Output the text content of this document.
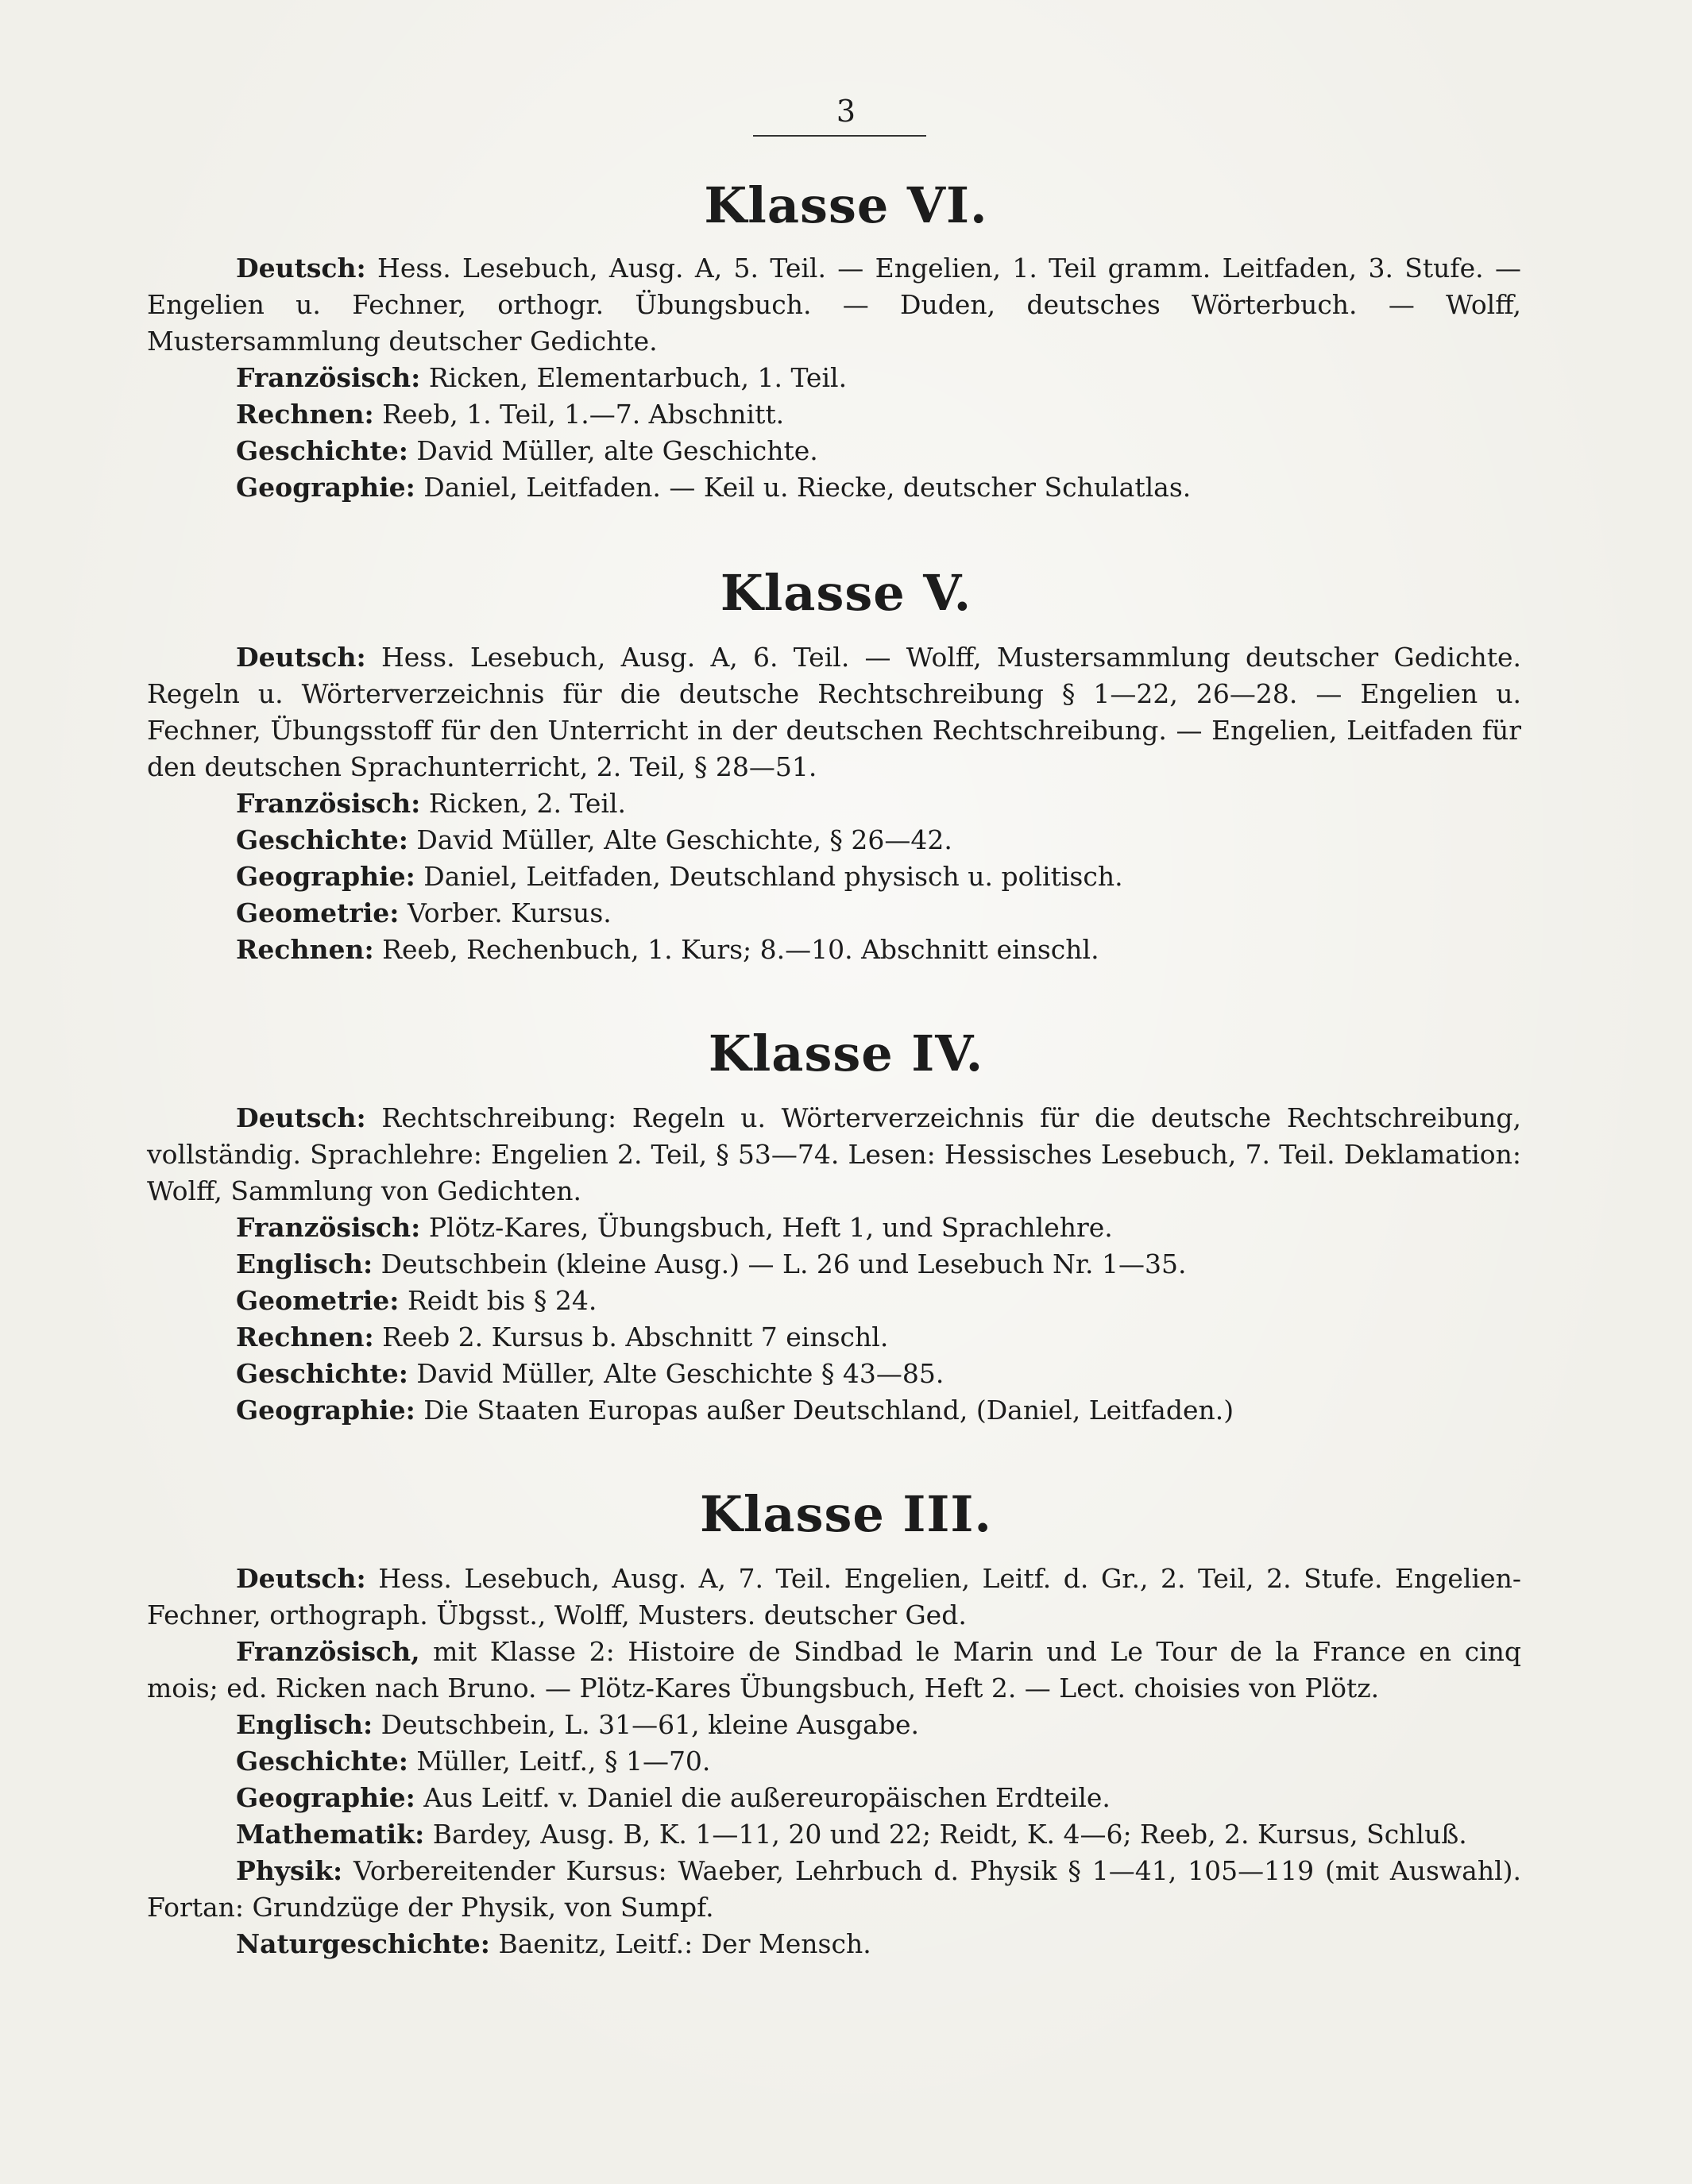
3
Klasse VI.

Deutsch: Hess. Lesebuch, Ausg. A, 5. Teil. — Engelien, 1. Teil gramm. Leitfaden, 3. Stufe. — Engelien u. Fechner, orthogr. Übungsbuch. — Duden, deutsches Wörterbuch. — Wolff, Mustersammlung deutscher Gedichte.

Französisch: Ricken, Elementarbuch, 1. Teil.

Rechnen: Reeb, 1. Teil, 1.—7. Abschnitt.

Geschichte: David Müller, alte Geschichte.

Geographie: Daniel, Leitfaden. — Keil u. Riecke, deutscher Schulatlas.

Klasse V.

Deutsch: Hess. Lesebuch, Ausg. A, 6. Teil. — Wolff, Mustersammlung deutscher Gedichte. Regeln u. Wörterverzeichnis für die deutsche Rechtschreibung § 1—22, 26—28. — Engelien u. Fechner, Übungsstoff für den Unterricht in der deutschen Rechtschreibung. — Engelien, Leitfaden für den deutschen Sprachunterricht, 2. Teil, § 28—51.

Französisch: Ricken, 2. Teil.

Geschichte: David Müller, Alte Geschichte, § 26—42.

Geographie: Daniel, Leitfaden, Deutschland physisch u. politisch.

Geometrie: Vorber. Kursus.

Rechnen: Reeb, Rechenbuch, 1. Kurs; 8.—10. Abschnitt einschl.

Klasse IV.

Deutsch: Rechtschreibung: Regeln u. Wörterverzeichnis für die deutsche Rechtschreibung, vollständig. Sprachlehre: Engelien 2. Teil, § 53—74. Lesen: Hessisches Lesebuch, 7. Teil. Deklamation: Wolff, Sammlung von Gedichten.

Französisch: Plötz-Kares, Übungsbuch, Heft 1, und Sprachlehre.

Englisch: Deutschbein (kleine Ausg.) — L. 26 und Lesebuch Nr. 1—35.

Geometrie: Reidt bis § 24.

Rechnen: Reeb 2. Kursus b. Abschnitt 7 einschl.

Geschichte: David Müller, Alte Geschichte § 43—85.

Geographie: Die Staaten Europas außer Deutschland, (Daniel, Leitfaden.)

Klasse III.

Deutsch: Hess. Lesebuch, Ausg. A, 7. Teil. Engelien, Leitf. d. Gr., 2. Teil, 2. Stufe. Engelien-Fechner, orthograph. Übgsst., Wolff, Musters. deutscher Ged.

Französisch, mit Klasse 2: Histoire de Sindbad le Marin und Le Tour de la France en cinq mois; ed. Ricken nach Bruno. — Plötz-Kares Übungsbuch, Heft 2. — Lect. choisies von Plötz.

Englisch: Deutschbein, L. 31—61, kleine Ausgabe.

Geschichte: Müller, Leitf., § 1—70.

Geographie: Aus Leitf. v. Daniel die außereuropäischen Erdteile.

Mathematik: Bardey, Ausg. B, K. 1—11, 20 und 22; Reidt, K. 4—6; Reeb, 2. Kursus, Schluß.

Physik: Vorbereitender Kursus: Waeber, Lehrbuch d. Physik § 1—41, 105—119 (mit Auswahl). Fortan: Grundzüge der Physik, von Sumpf.

Naturgeschichte: Baenitz, Leitf.: Der Mensch.
